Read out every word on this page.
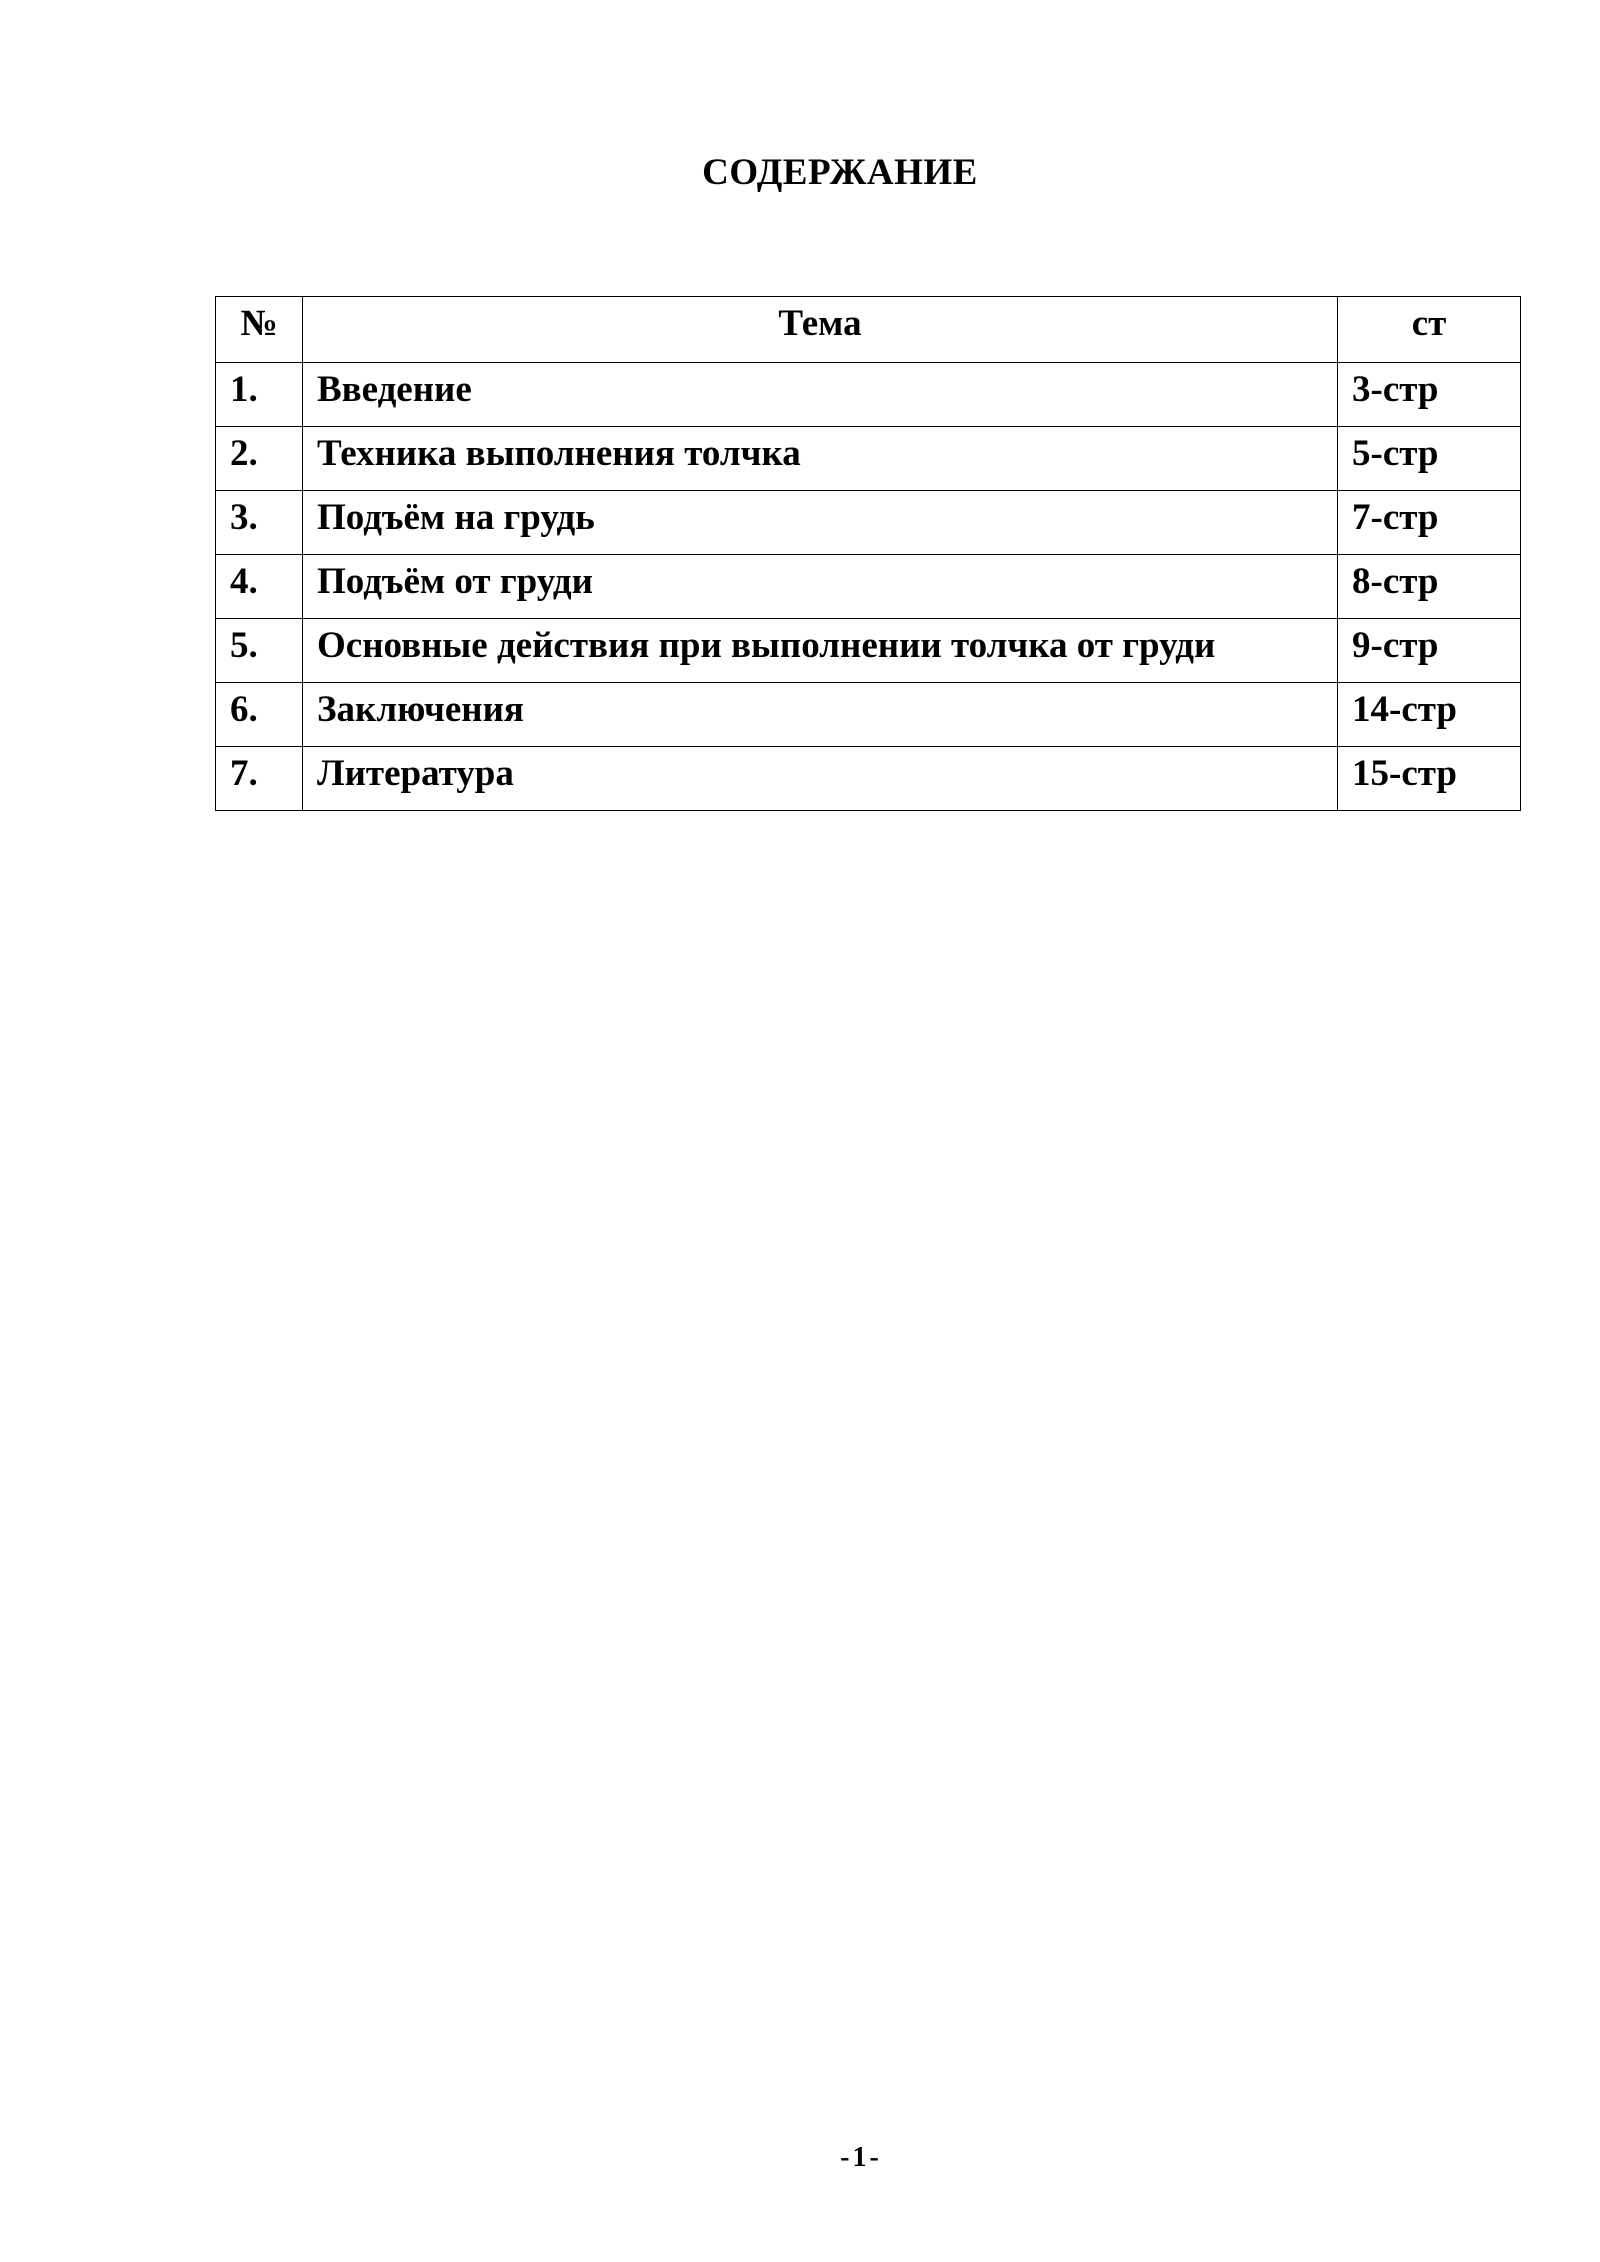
СОДЕРЖАНИЕ
№	Тема	ст
1.	Введение	3-стр
2.	Техника выполнения толчка	5-стр
3.	Подъём на грудь	7-стр
4.	Подъём от груди	8-стр
5.	Основные действия при выполнении толчка от груди	9-стр
6.	Заключения	14-стр
7.	Литература	15-стр
-1-
